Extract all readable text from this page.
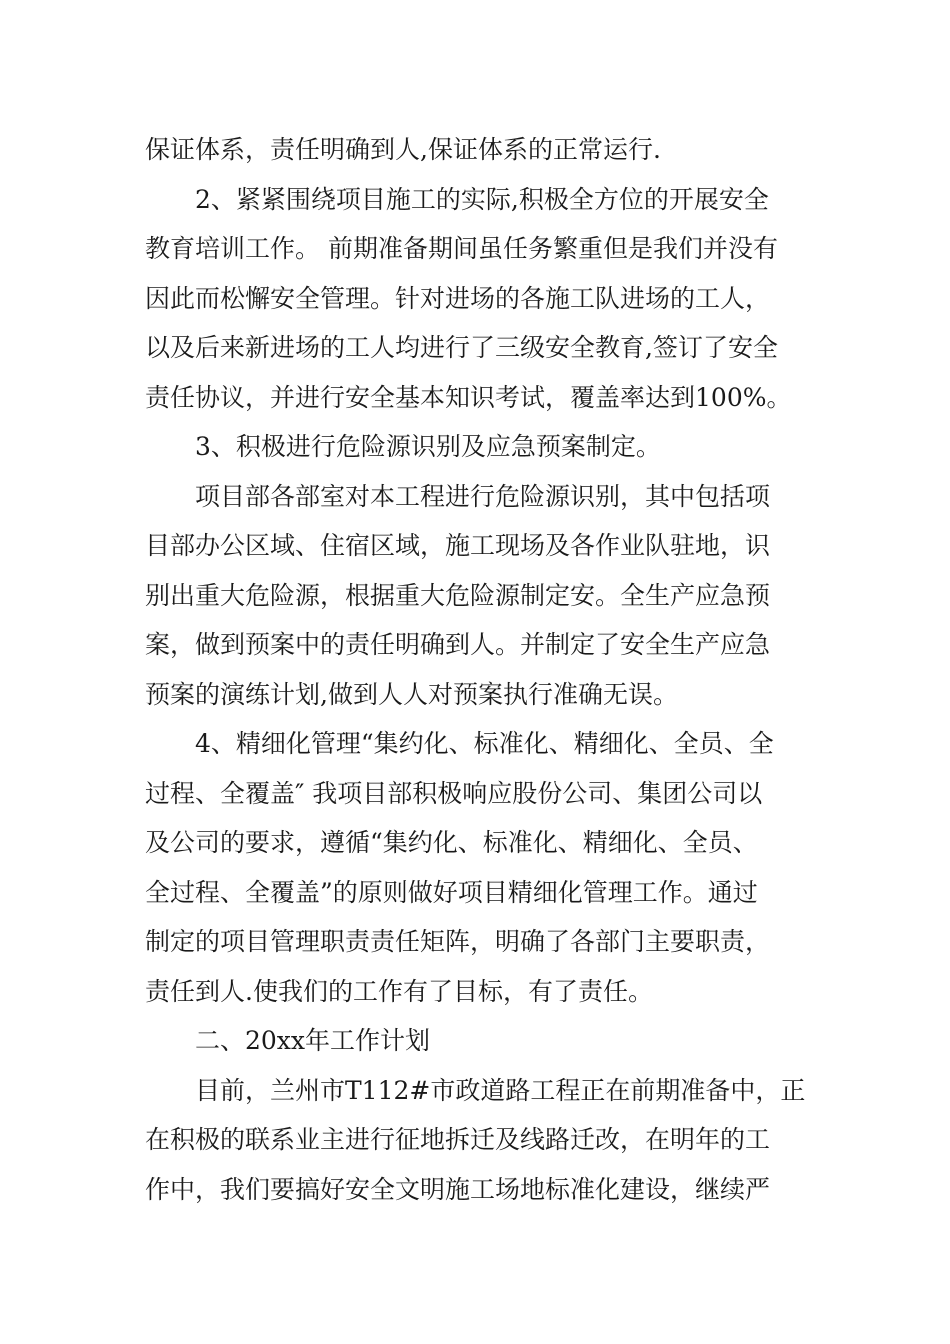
保证体系，责任明确到人,保证体系的正常运行.
2、紧紧围绕项目施工的实际,积极全方位的开展安全
教育培训工作。 前期准备期间虽任务繁重但是我们并没有
因此而松懈安全管理。针对进场的各施工队进场的工人，
以及后来新进场的工人均进行了三级安全教育,签订了安全
责任协议，并进行安全基本知识考试，覆盖率达到100%。
3、积极进行危险源识别及应急预案制定。
项目部各部室对本工程进行危险源识别，其中包括项
目部办公区域、住宿区域，施工现场及各作业队驻地，识
别出重大危险源，根据重大危险源制定安。全生产应急预
案，做到预案中的责任明确到人。并制定了安全生产应急
预案的演练计划,做到人人对预案执行准确无误。
4、精细化管理“集约化、标准化、精细化、全员、全
过程、全覆盖″ 我项目部积极响应股份公司、集团公司以
及公司的要求，遵循“集约化、标准化、精细化、全员、
全过程、全覆盖”的原则做好项目精细化管理工作。通过
制定的项目管理职责责任矩阵，明确了各部门主要职责，
责任到人.使我们的工作有了目标，有了责任。
二、20xx年工作计划
目前，兰州市T112#市政道路工程正在前期准备中，正
在积极的联系业主进行征地拆迁及线路迁改，在明年的工
作中，我们要搞好安全文明施工场地标准化建设，继续严
